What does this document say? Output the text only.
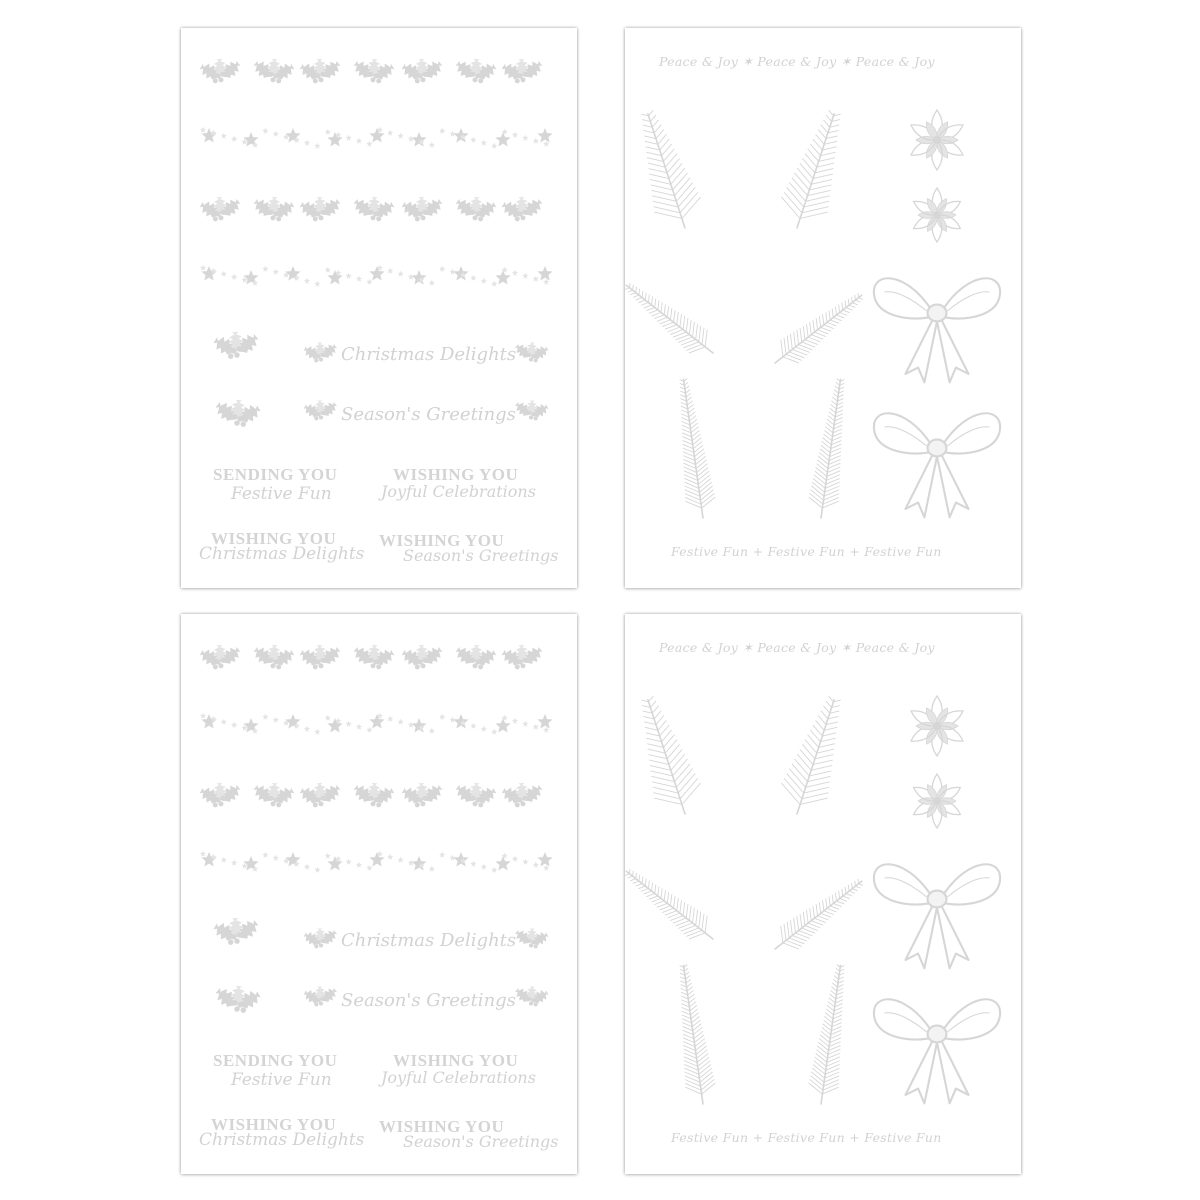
Christmas Delights
Season's Greetings
SENDING YOU
Festive Fun
WISHING YOU
Joyful Celebrations
WISHING YOU
Christmas Delights
WISHING YOU
Season's Greetings
Peace & Joy ✶ Peace & Joy ✶ Peace & Joy
Festive Fun + Festive Fun + Festive Fun
Christmas Delights
Season's Greetings
SENDING YOU
Festive Fun
WISHING YOU
Joyful Celebrations
WISHING YOU
Christmas Delights
WISHING YOU
Season's Greetings
Peace & Joy ✶ Peace & Joy ✶ Peace & Joy
Festive Fun + Festive Fun + Festive Fun
